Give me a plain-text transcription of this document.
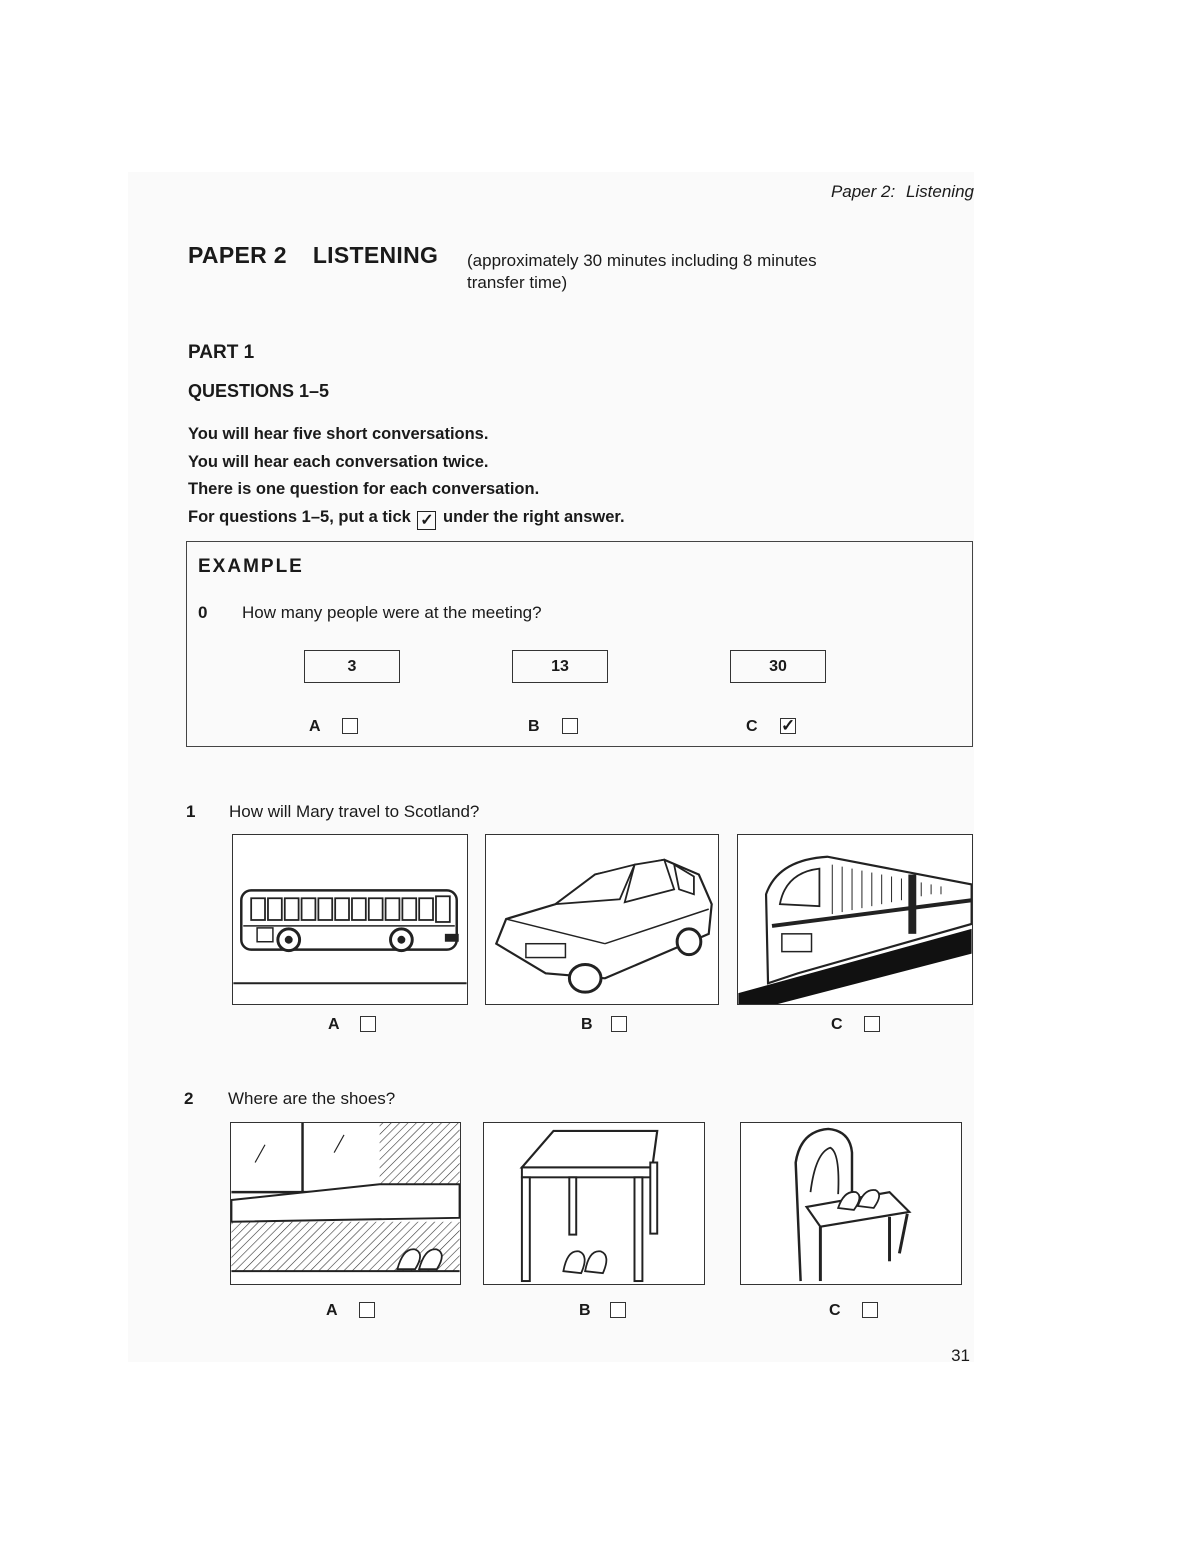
Paper 2: Listening
PAPER 2 LISTENING (approximately 30 minutes including 8 minutes
transfer time)
PART 1
QUESTIONS 1–5
You will hear five short conversations.
You will hear each conversation twice.
There is one question for each conversation.
For questions 1–5, put a tick ✓ under the right answer.
EXAMPLE
0 How many people were at the meeting?
3	13	30
A	B	C ✓
1 How will Mary travel to Scotland?
A	B	C
2 Where are the shoes?
A	B	C
31
